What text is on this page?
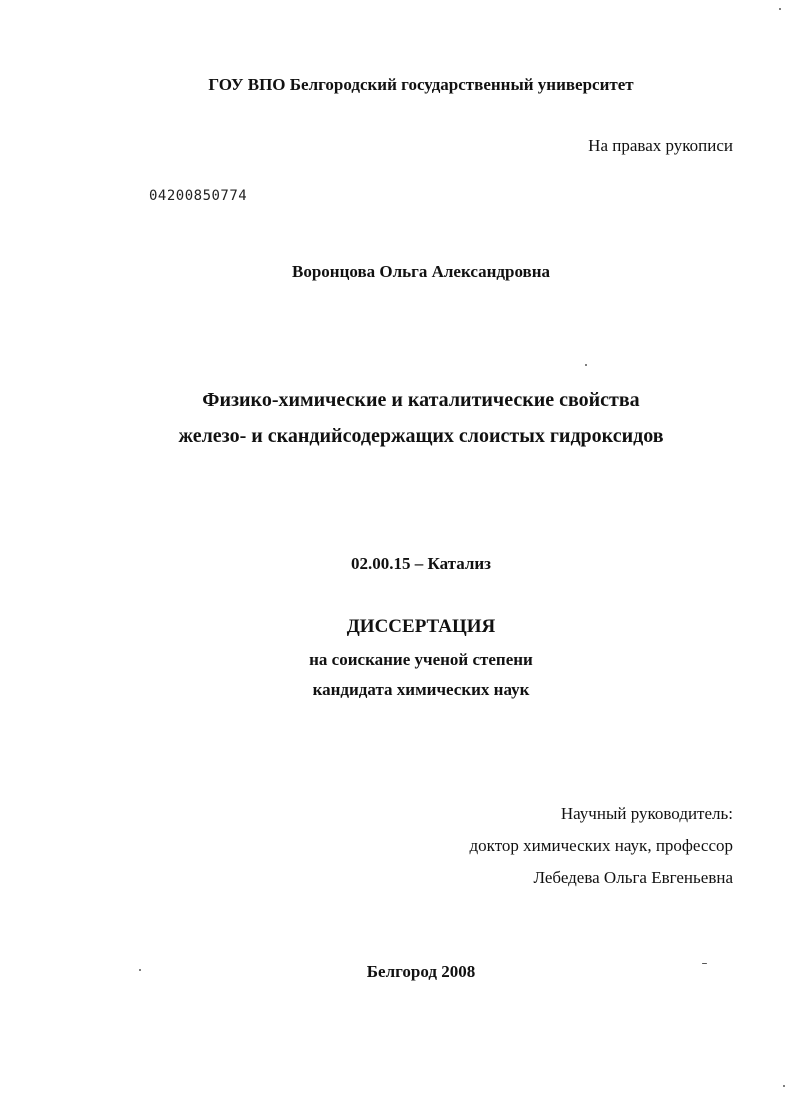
ГОУ ВПО Белгородский государственный университет
На правах рукописи
04200850774
Воронцова Ольга Александровна
Физико-химические и каталитические свойства
железо- и скандийсодержащих слоистых гидроксидов
02.00.15 – Катализ
ДИССЕРТАЦИЯ
на соискание ученой степени
кандидата химических наук
Научный руководитель:
доктор химических наук, профессор
Лебедева Ольга Евгеньевна
Белгород 2008
